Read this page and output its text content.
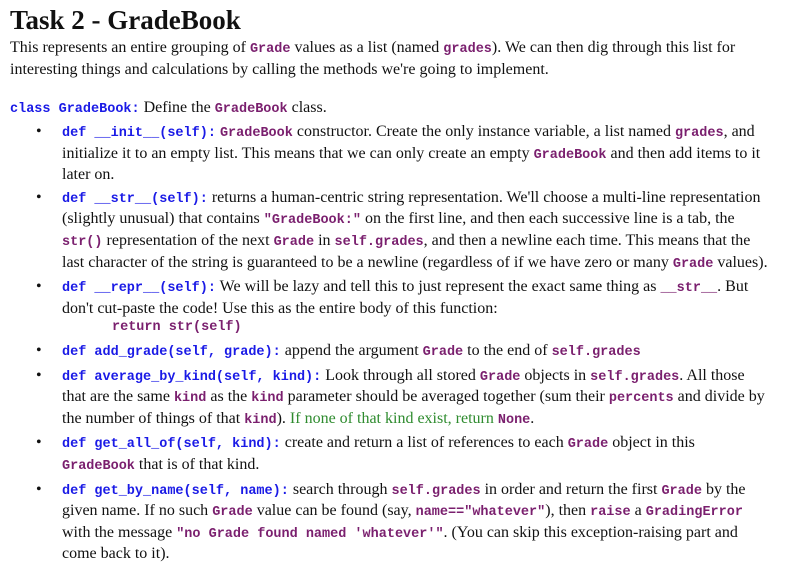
Task 2 - GradeBook

This represents an entire grouping of Grade values as a list (named grades). We can then dig through this list for interesting things and calculations by calling the methods we're going to implement.

class GradeBook: Define the GradeBook class.
• def __init__(self): GradeBook constructor. Create the only instance variable, a list named grades, and initialize it to an empty list. This means that we can only create an empty GradeBook and then add items to it later on.
• def __str__(self): returns a human-centric string representation. We'll choose a multi-line representation (slightly unusual) that contains "GradeBook:" on the first line, and then each successive line is a tab, the str() representation of the next Grade in self.grades, and then a newline each time. This means that the last character of the string is guaranteed to be a newline (regardless of if we have zero or many Grade values).
• def __repr__(self): We will be lazy and tell this to just represent the exact same thing as __str__. But don't cut-paste the code! Use this as the entire body of this function:
return str(self)
• def add_grade(self, grade): append the argument Grade to the end of self.grades
• def average_by_kind(self, kind): Look through all stored Grade objects in self.grades. All those that are the same kind as the kind parameter should be averaged together (sum their percents and divide by the number of things of that kind). If none of that kind exist, return None.
• def get_all_of(self, kind): create and return a list of references to each Grade object in this GradeBook that is of that kind.
• def get_by_name(self, name): search through self.grades in order and return the first Grade by the given name. If no such Grade value can be found (say, name=="whatever"), then raise a GradingError with the message "no Grade found named 'whatever'". (You can skip this exception-raising part and come back to it).
